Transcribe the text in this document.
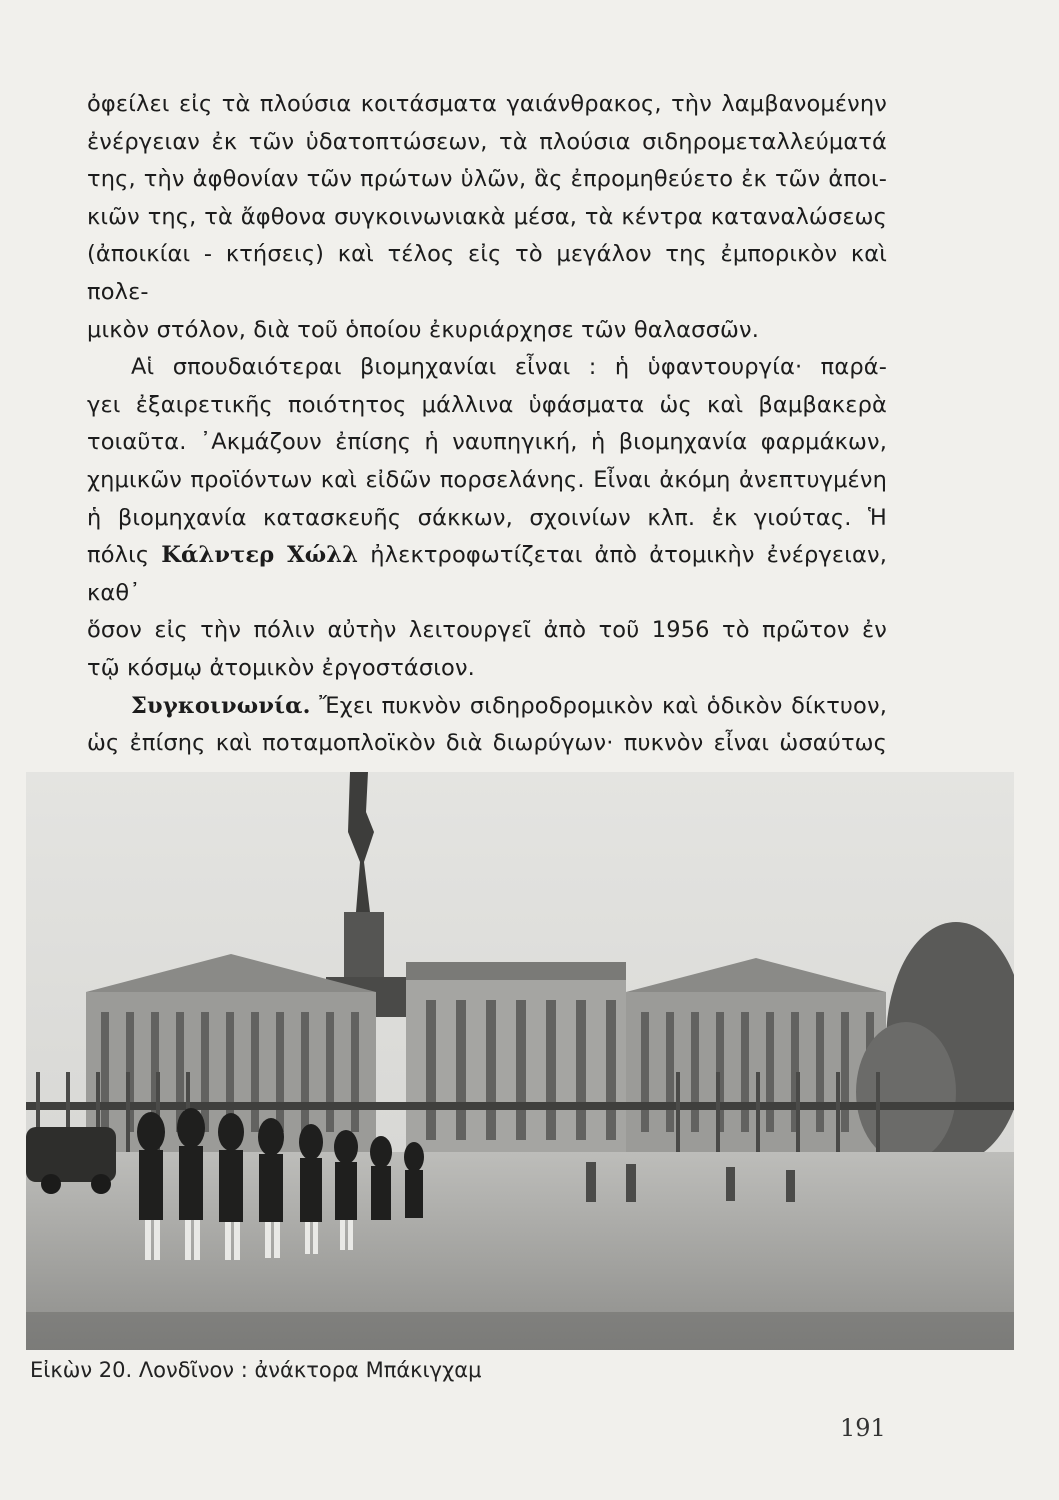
ὀφείλει εἰς τὰ πλούσια κοιτάσματα γαιάνθρακος, τὴν λαμβανομένην

ἐνέργειαν ἐκ τῶν ὑδατοπτώσεων, τὰ πλούσια σιδηρομεταλλεύματά

της, τὴν ἀφθονίαν τῶν πρώτων ὑλῶν, ἃς ἐπρομηθεύετο ἐκ τῶν ἀποι-

κιῶν της, τὰ ἄφθονα συγκοινωνιακὰ μέσα, τὰ κέντρα καταναλώσεως

(ἀποικίαι - κτήσεις) καὶ τέλος εἰς τὸ μεγάλον της ἐμπορικὸν καὶ πολε-

μικὸν στόλον, διὰ τοῦ ὁποίου ἐκυριάρχησε τῶν θαλασσῶν.

Αἱ σπουδαιότεραι βιομηχανίαι εἶναι : ἡ ὑφαντουργία· παρά-

γει ἐξαιρετικῆς ποιότητος μάλλινα ὑφάσματα ὡς καὶ βαμβακερὰ

τοιαῦτα. ᾿Ακμάζουν ἐπίσης ἡ ναυπηγική, ἡ βιομηχανία φαρμάκων,

χημικῶν προϊόντων καὶ εἰδῶν πορσελάνης. Εἶναι ἀκόμη ἀνεπτυγμένη

ἡ βιομηχανία κατασκευῆς σάκκων, σχοινίων κλπ. ἐκ γιούτας. Ἡ

πόλις Κάλντερ Χώλλ ἠλεκτροφωτίζεται ἀπὸ ἀτομικὴν ἐνέργειαν, καθ᾿

ὅσον εἰς τὴν πόλιν αὐτὴν λειτουργεῖ ἀπὸ τοῦ 1956 τὸ πρῶτον ἐν

τῷ κόσμῳ ἀτομικὸν ἐργοστάσιον.

Συγκοινωνία. Ἔχει πυκνὸν σιδηροδρομικὸν καὶ ὁδικὸν δίκτυον,

ὡς ἐπίσης καὶ ποταμοπλοϊκὸν διὰ διωρύγων· πυκνὸν εἶναι ὡσαύτως

Εἰκὼν 20. Λονδῖνον : ἀνάκτορα Μπάκιγχαμ
191
